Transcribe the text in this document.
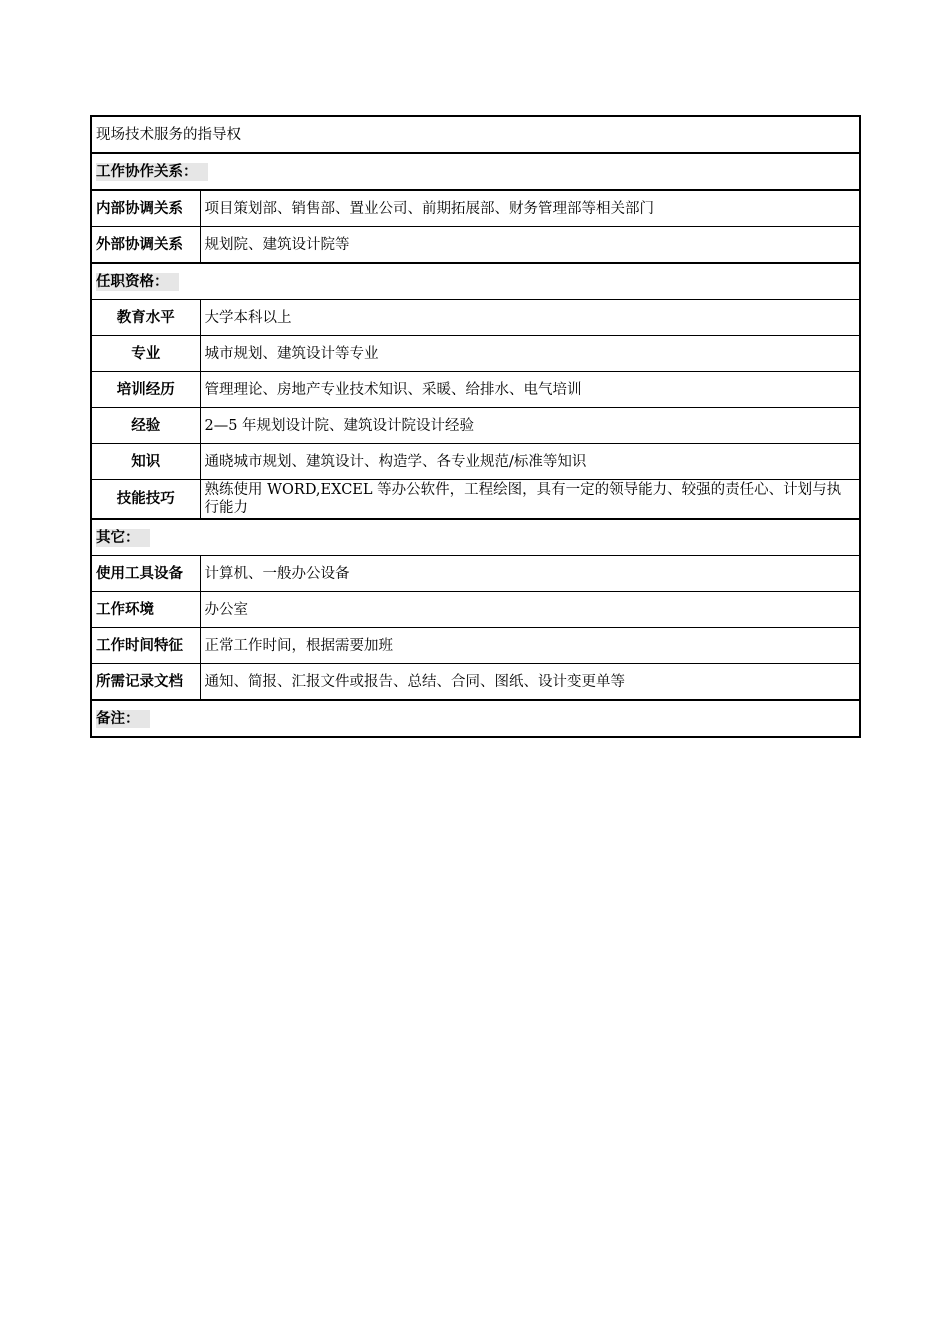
现场技术服务的指导权	
工作协作关系：	
内部协调关系	项目策划部、销售部、置业公司、前期拓展部、财务管理部等相关部门
外部协调关系	规划院、建筑设计院等
任职资格：	
教育水平	大学本科以上
专业	城市规划、建筑设计等专业
培训经历	管理理论、房地产专业技术知识、采暖、给排水、电气培训
经验	2—5 年规划设计院、建筑设计院设计经验
知识	通晓城市规划、建筑设计、构造学、各专业规范/标准等知识
技能技巧	熟练使用 WORD,EXCEL 等办公软件，工程绘图，具有一定的领导能力、较强的责任心、计划与执行能力
其它：	
使用工具设备	计算机、一般办公设备
工作环境	办公室
工作时间特征	正常工作时间，根据需要加班
所需记录文档	通知、简报、汇报文件或报告、总结、合同、图纸、设计变更单等
备注：	
